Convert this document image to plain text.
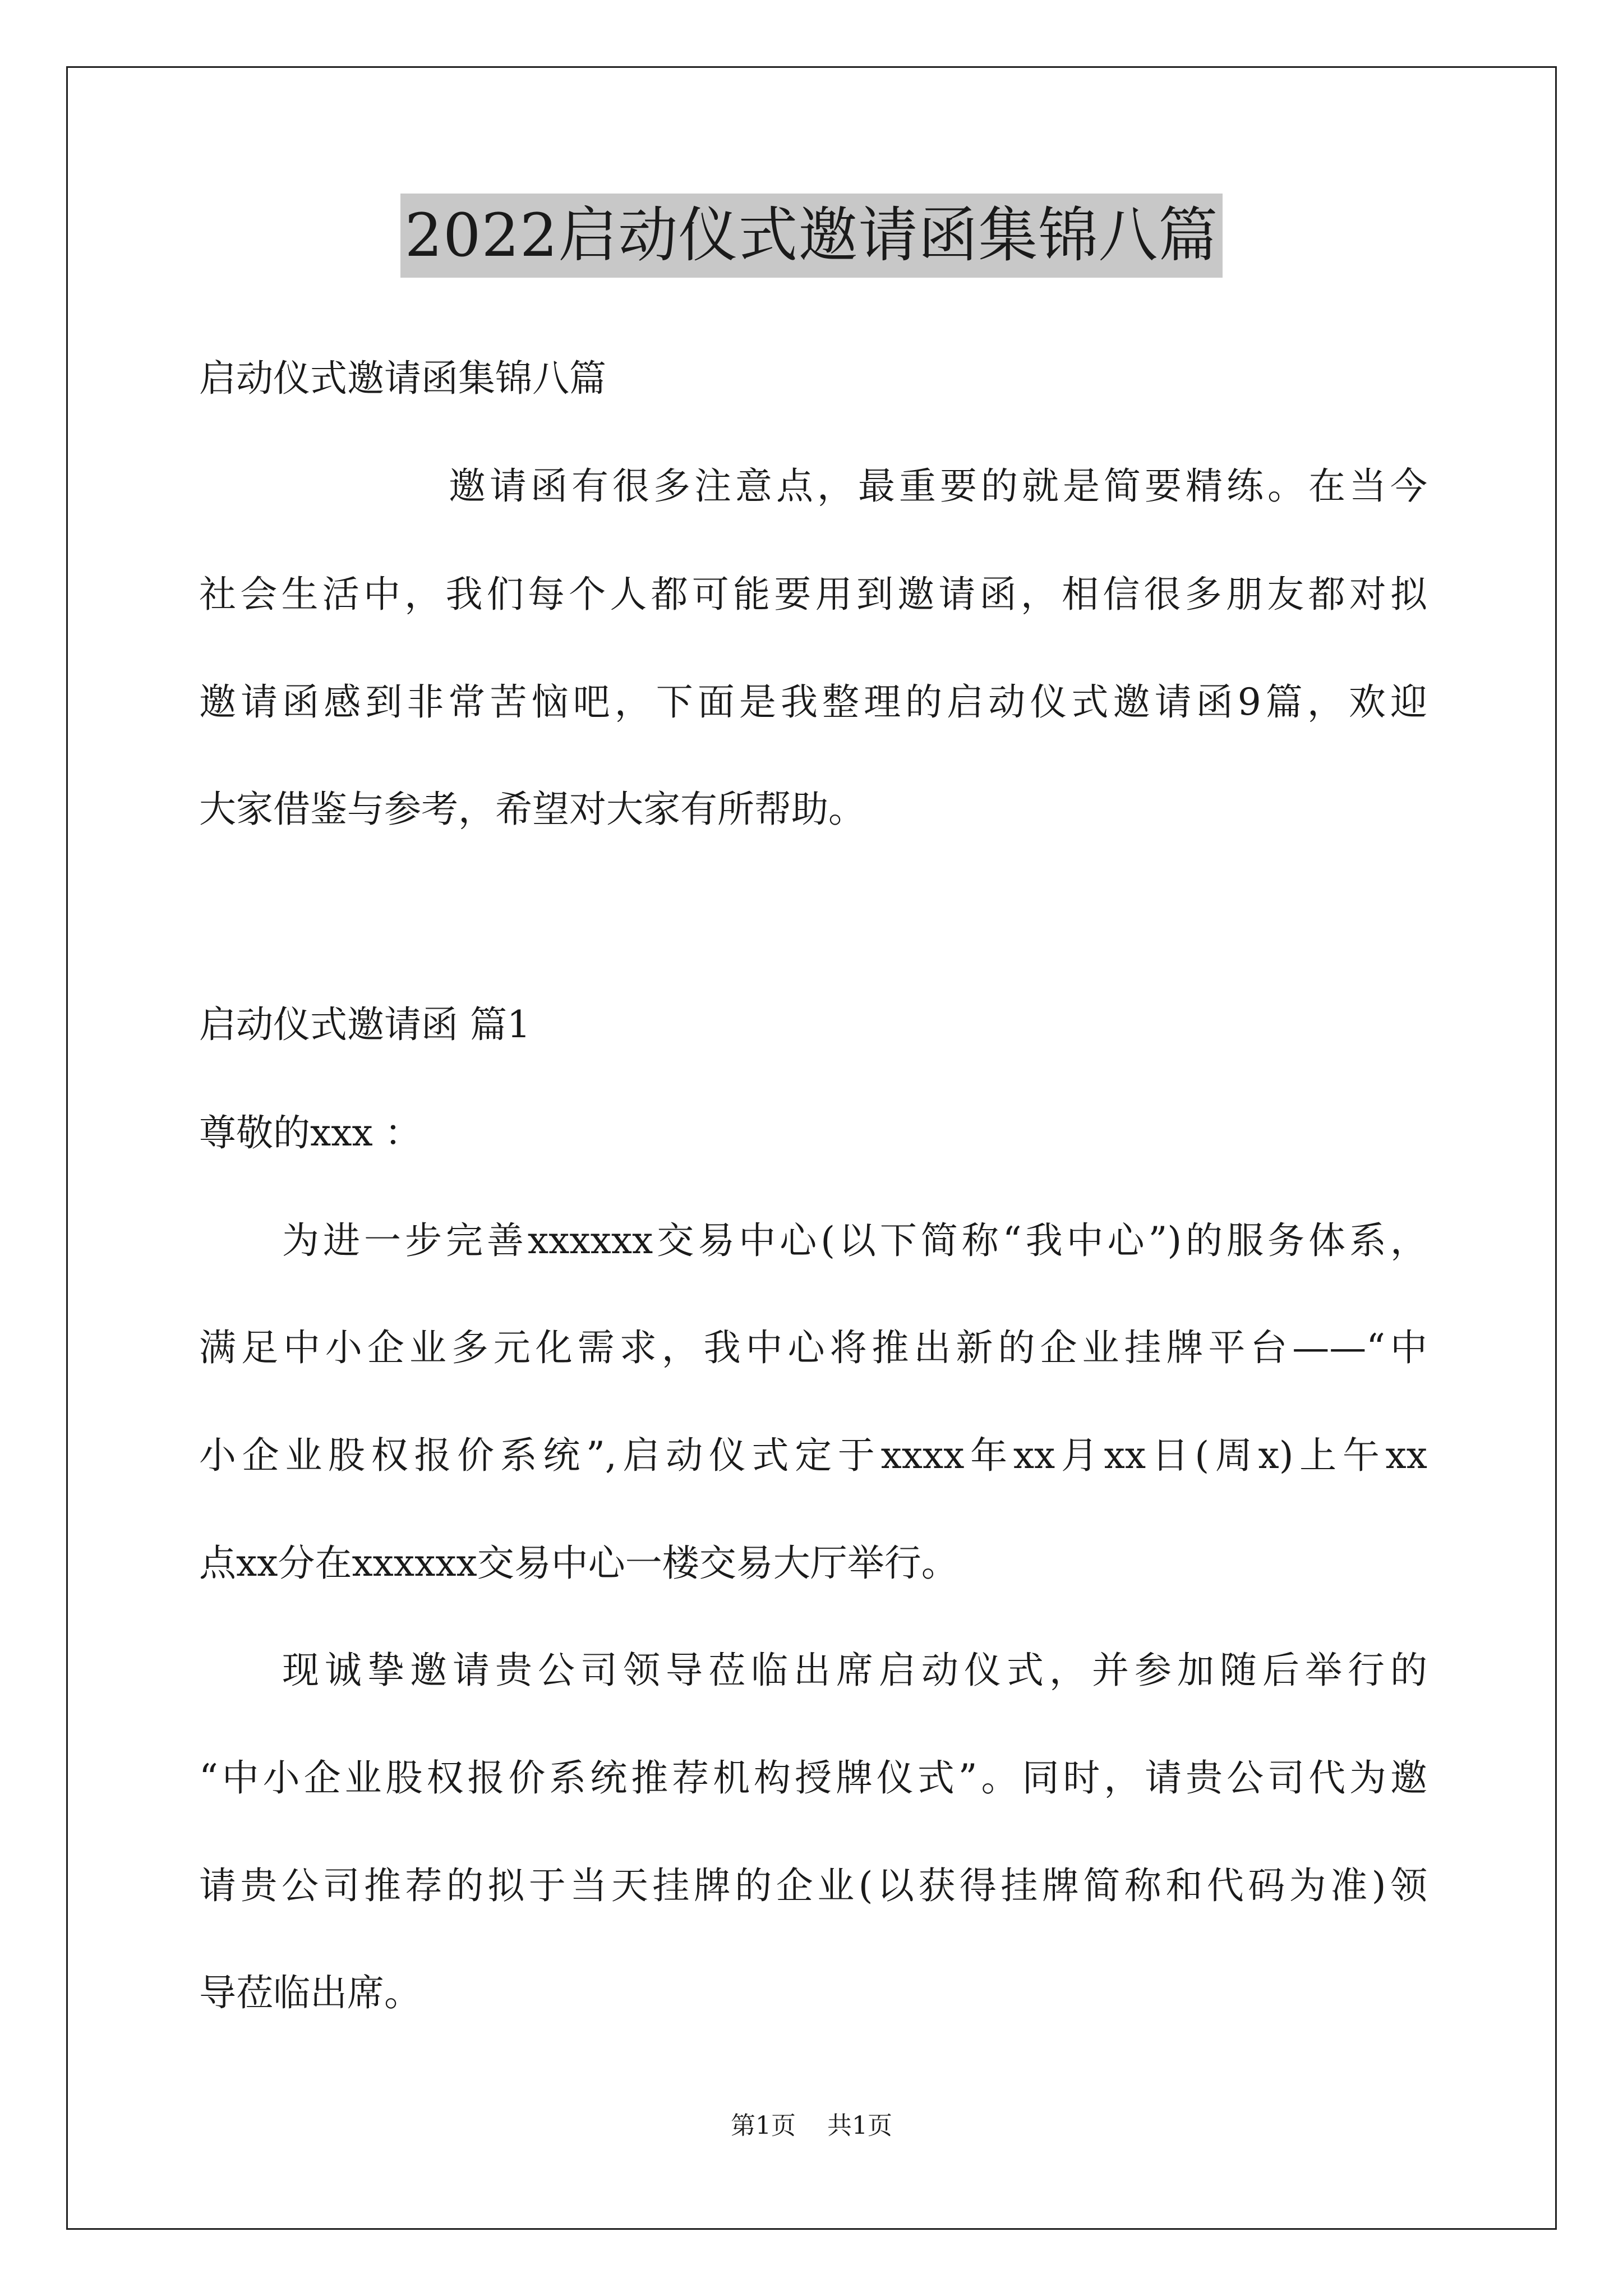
2022启动仪式邀请函集锦八篇
启动仪式邀请函集锦八篇
邀请函有很多注意点，最重要的就是简要精练。在当今
社会生活中，我们每个人都可能要用到邀请函，相信很多朋友都对拟
邀请函感到非常苦恼吧，下面是我整理的启动仪式邀请函9篇，欢迎
大家借鉴与参考，希望对大家有所帮助。
启动仪式邀请函 篇1
尊敬的xxx ：
为进一步完善xxxxxx交易中心(以下简称“我中心”)的服务体系，
满足中小企业多元化需求，我中心将推出新的企业挂牌平台——“中
小企业股权报价系统”,启动仪式定于xxxx年xx月xx日(周x)上午xx
点xx分在xxxxxx交易中心一楼交易大厅举行。
现诚挚邀请贵公司领导莅临出席启动仪式，并参加随后举行的
“中小企业股权报价系统推荐机构授牌仪式”。同时，请贵公司代为邀
请贵公司推荐的拟于当天挂牌的企业(以获得挂牌简称和代码为准)领
导莅临出席。
第1页 共1页
